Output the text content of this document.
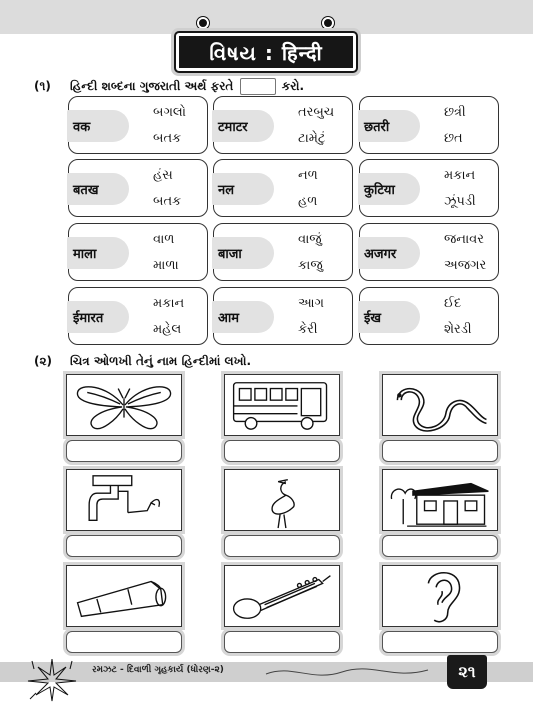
વિષય : हिन्दी
(૧) હિન્દી શબ્દના ગુજરાતી અર્થ ફરતે	કરો.
वक
બગલો
બતક
टमाटर
તરબુચ
ટામેટું
छतरी
છત્રી
છત
बतख
હંસ
બતક
नल
નળ
હળ
कुटिया
મકાન
ઝૂંપડી
माला
વાળ
માળા
बाजा
વાજું
કાજુ
अजगर
જનાવર
અજગર
ईमारत
મકાન
મહેલ
आम
આગ
કેરી
ईख
ઈદ
શેરડી
(૨) ચિત્ર ઓળખી તેનું નામ હિન્દીમાં લખો.
રમઝટ - દિવાળી ગૃહકાર્ય (ધોરણ-૨)	૨૧
